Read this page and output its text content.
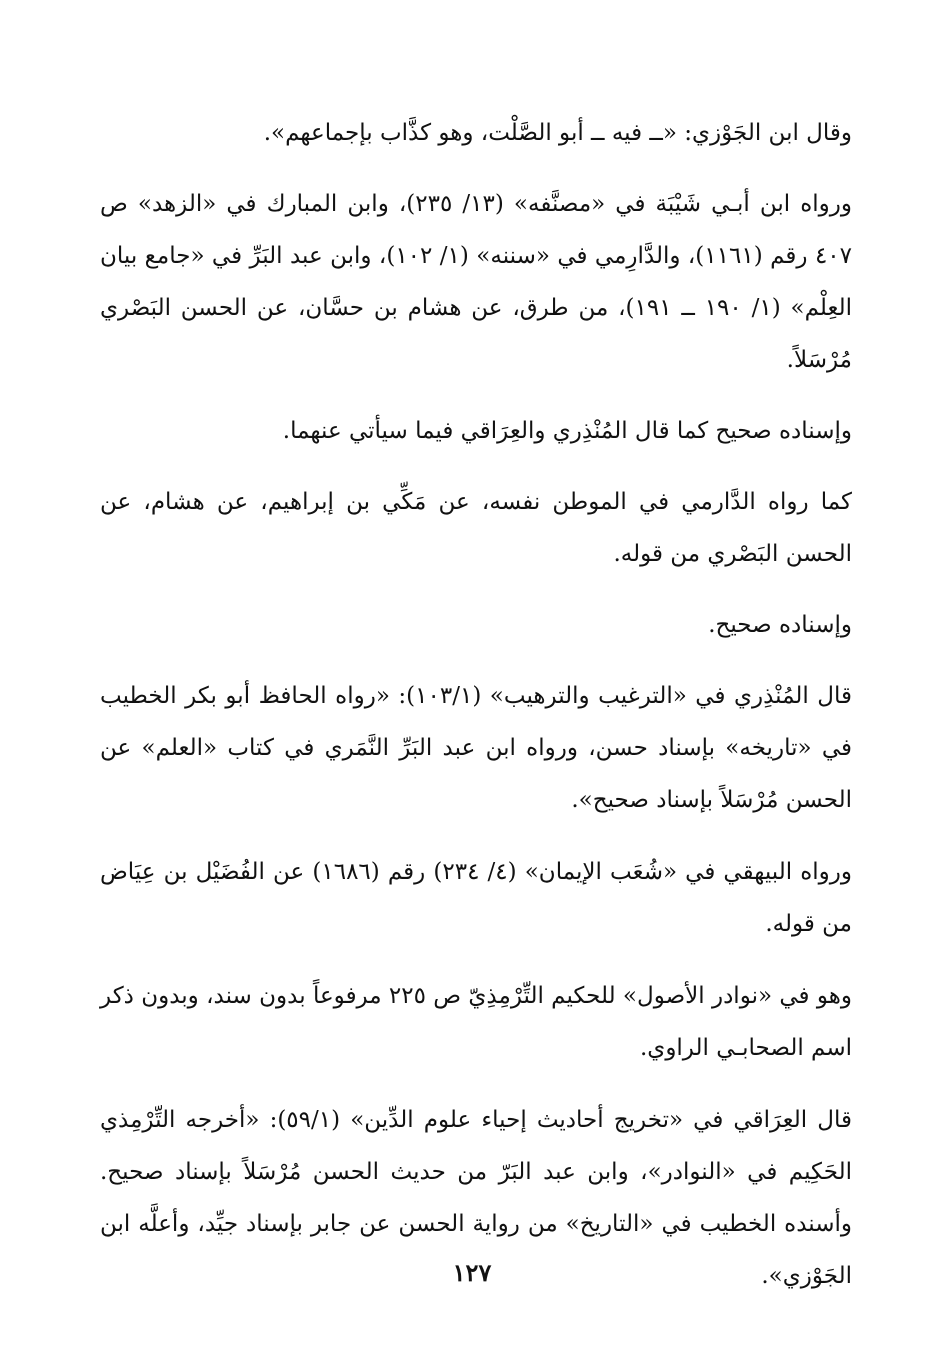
وقال ابن الجَوْزي: «ــ فيه ــ أبو الصَّلْت، وهو كذَّاب بإجماعهم».

ورواه ابن أبـي شَيْبَة في «مصنَّفه» (١٣/ ٢٣٥)، وابن المبارك في «الزهد» ص ٤٠٧ رقم (١١٦١)، والدَّارِمي في «سننه» (١/ ١٠٢)، وابن عبد البَرِّ في «جامع بيان العِلْم» (١/ ١٩٠ ــ ١٩١)، من طرق، عن هشام بن حسَّان، عن الحسن البَصْري مُرْسَلاً.

وإسناده صحيح كما قال المُنْذِري والعِرَاقي فيما سيأتي عنهما.

كما رواه الدَّارمي في الموطن نفسه، عن مَكِّي بن إبراهيم، عن هشام، عن الحسن البَصْري من قوله.

وإسناده صحيح.

قال المُنْذِري في «الترغيب والترهيب» (١٠٣/١): «رواه الحافظ أبو بكر الخطيب في «تاريخه» بإسناد حسن، ورواه ابن عبد البَرِّ النَّمَري في كتاب «العلم» عن الحسن مُرْسَلاً بإسناد صحيح».

ورواه البيهقي في «شُعَب الإيمان» (٤/ ٢٣٤) رقم (١٦٨٦) عن الفُضَيْل بن عِيَاض من قوله.

وهو في «نوادر الأصول» للحكيم التِّرْمِذِيّ ص ٢٢٥ مرفوعاً بدون سند، وبدون ذكر اسم الصحابـي الراوي.

قال العِرَاقي في «تخريج أحاديث إحياء علوم الدِّين» (٥٩/١): «أخرجه التِّرْمِذي الحَكِيم في «النوادر»، وابن عبد البَرّ من حديث الحسن مُرْسَلاً بإسناد صحيح. وأسنده الخطيب في «التاريخ» من رواية الحسن عن جابر بإسناد جيِّد، وأعلَّه ابن الجَوْزي».

١٢٧
